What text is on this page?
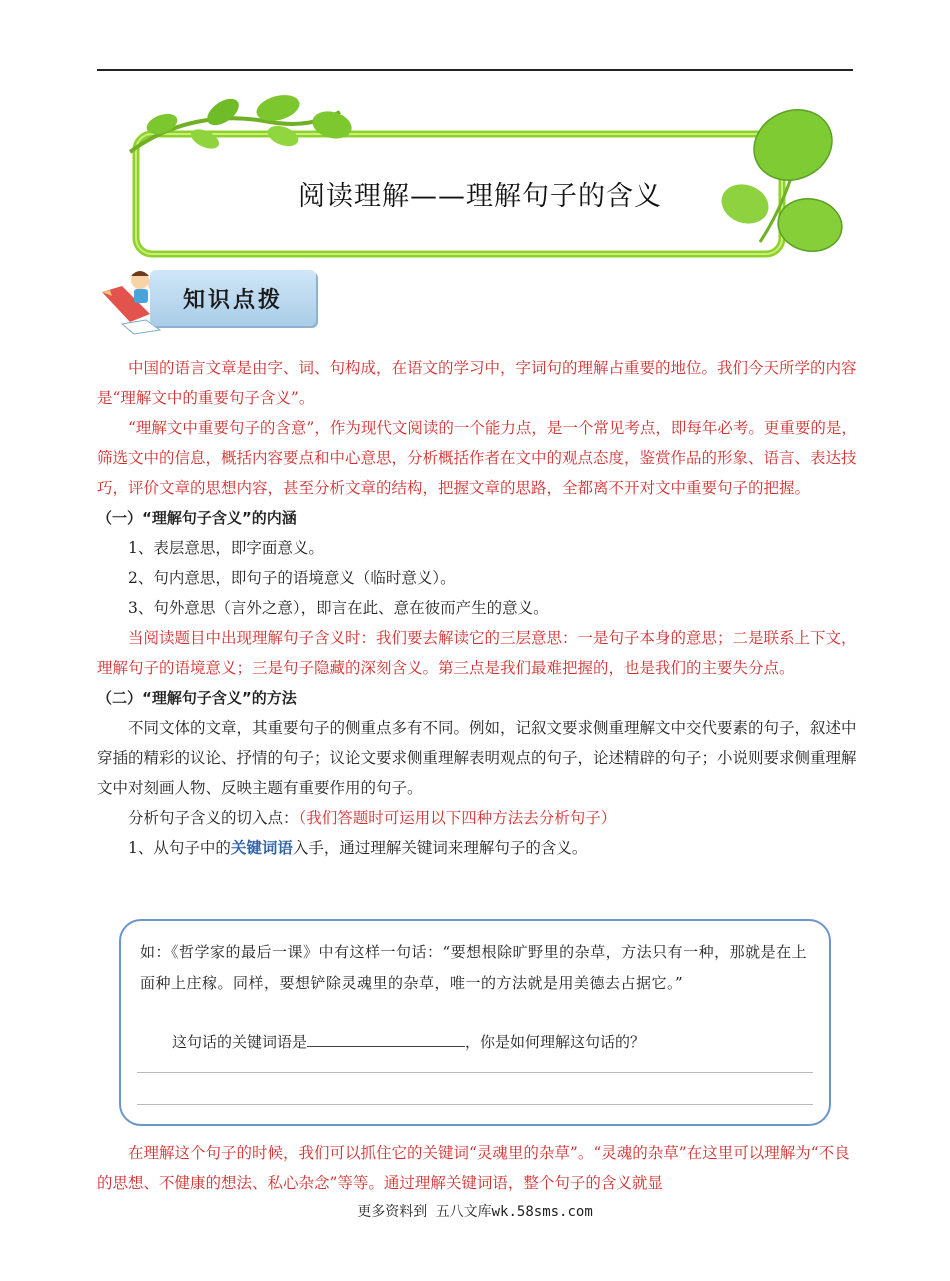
阅读理解——理解句子的含义
知识点拨

中国的语言文章是由字、词、句构成，在语文的学习中，字词句的理解占重要的地位。我们今天所学的内容是“理解文中的重要句子含义”。

“理解文中重要句子的含意”，作为现代文阅读的一个能力点，是一个常见考点，即每年必考。更重要的是，筛选文中的信息，概括内容要点和中心意思，分析概括作者在文中的观点态度，鉴赏作品的形象、语言、表达技巧，评价文章的思想内容，甚至分析文章的结构，把握文章的思路，全都离不开对文中重要句子的把握。

（一）“理解句子含义”的内涵

1、表层意思，即字面意义。

2、句内意思，即句子的语境意义（临时意义）。

3、句外意思（言外之意），即言在此、意在彼而产生的意义。

当阅读题目中出现理解句子含义时：我们要去解读它的三层意思：一是句子本身的意思；二是联系上下文，理解句子的语境意义；三是句子隐藏的深刻含义。第三点是我们最难把握的，也是我们的主要失分点。

（二）“理解句子含义”的方法

不同文体的文章，其重要句子的侧重点多有不同。例如，记叙文要求侧重理解文中交代要素的句子，叙述中穿插的精彩的议论、抒情的句子；议论文要求侧重理解表明观点的句子，论述精辟的句子；小说则要求侧重理解文中对刻画人物、反映主题有重要作用的句子。

分析句子含义的切入点：（我们答题时可运用以下四种方法去分析句子）

1、从句子中的关键词语入手，通过理解关键词来理解句子的含义。

如：《哲学家的最后一课》中有这样一句话：“要想根除旷野里的杂草，方法只有一种，那就是在上面种上庄稼。同样，要想铲除灵魂里的杂草，唯一的方法就是用美德去占据它。”
这句话的关键词语是	，你是如何理解这句话的？

在理解这个句子的时候，我们可以抓住它的关键词“灵魂里的杂草”。“灵魂的杂草”在这里可以理解为“不良的思想、不健康的想法、私心杂念”等等。通过理解关键词语，整个句子的含义就显

更多资料到 五八文库wk.58sms.com
